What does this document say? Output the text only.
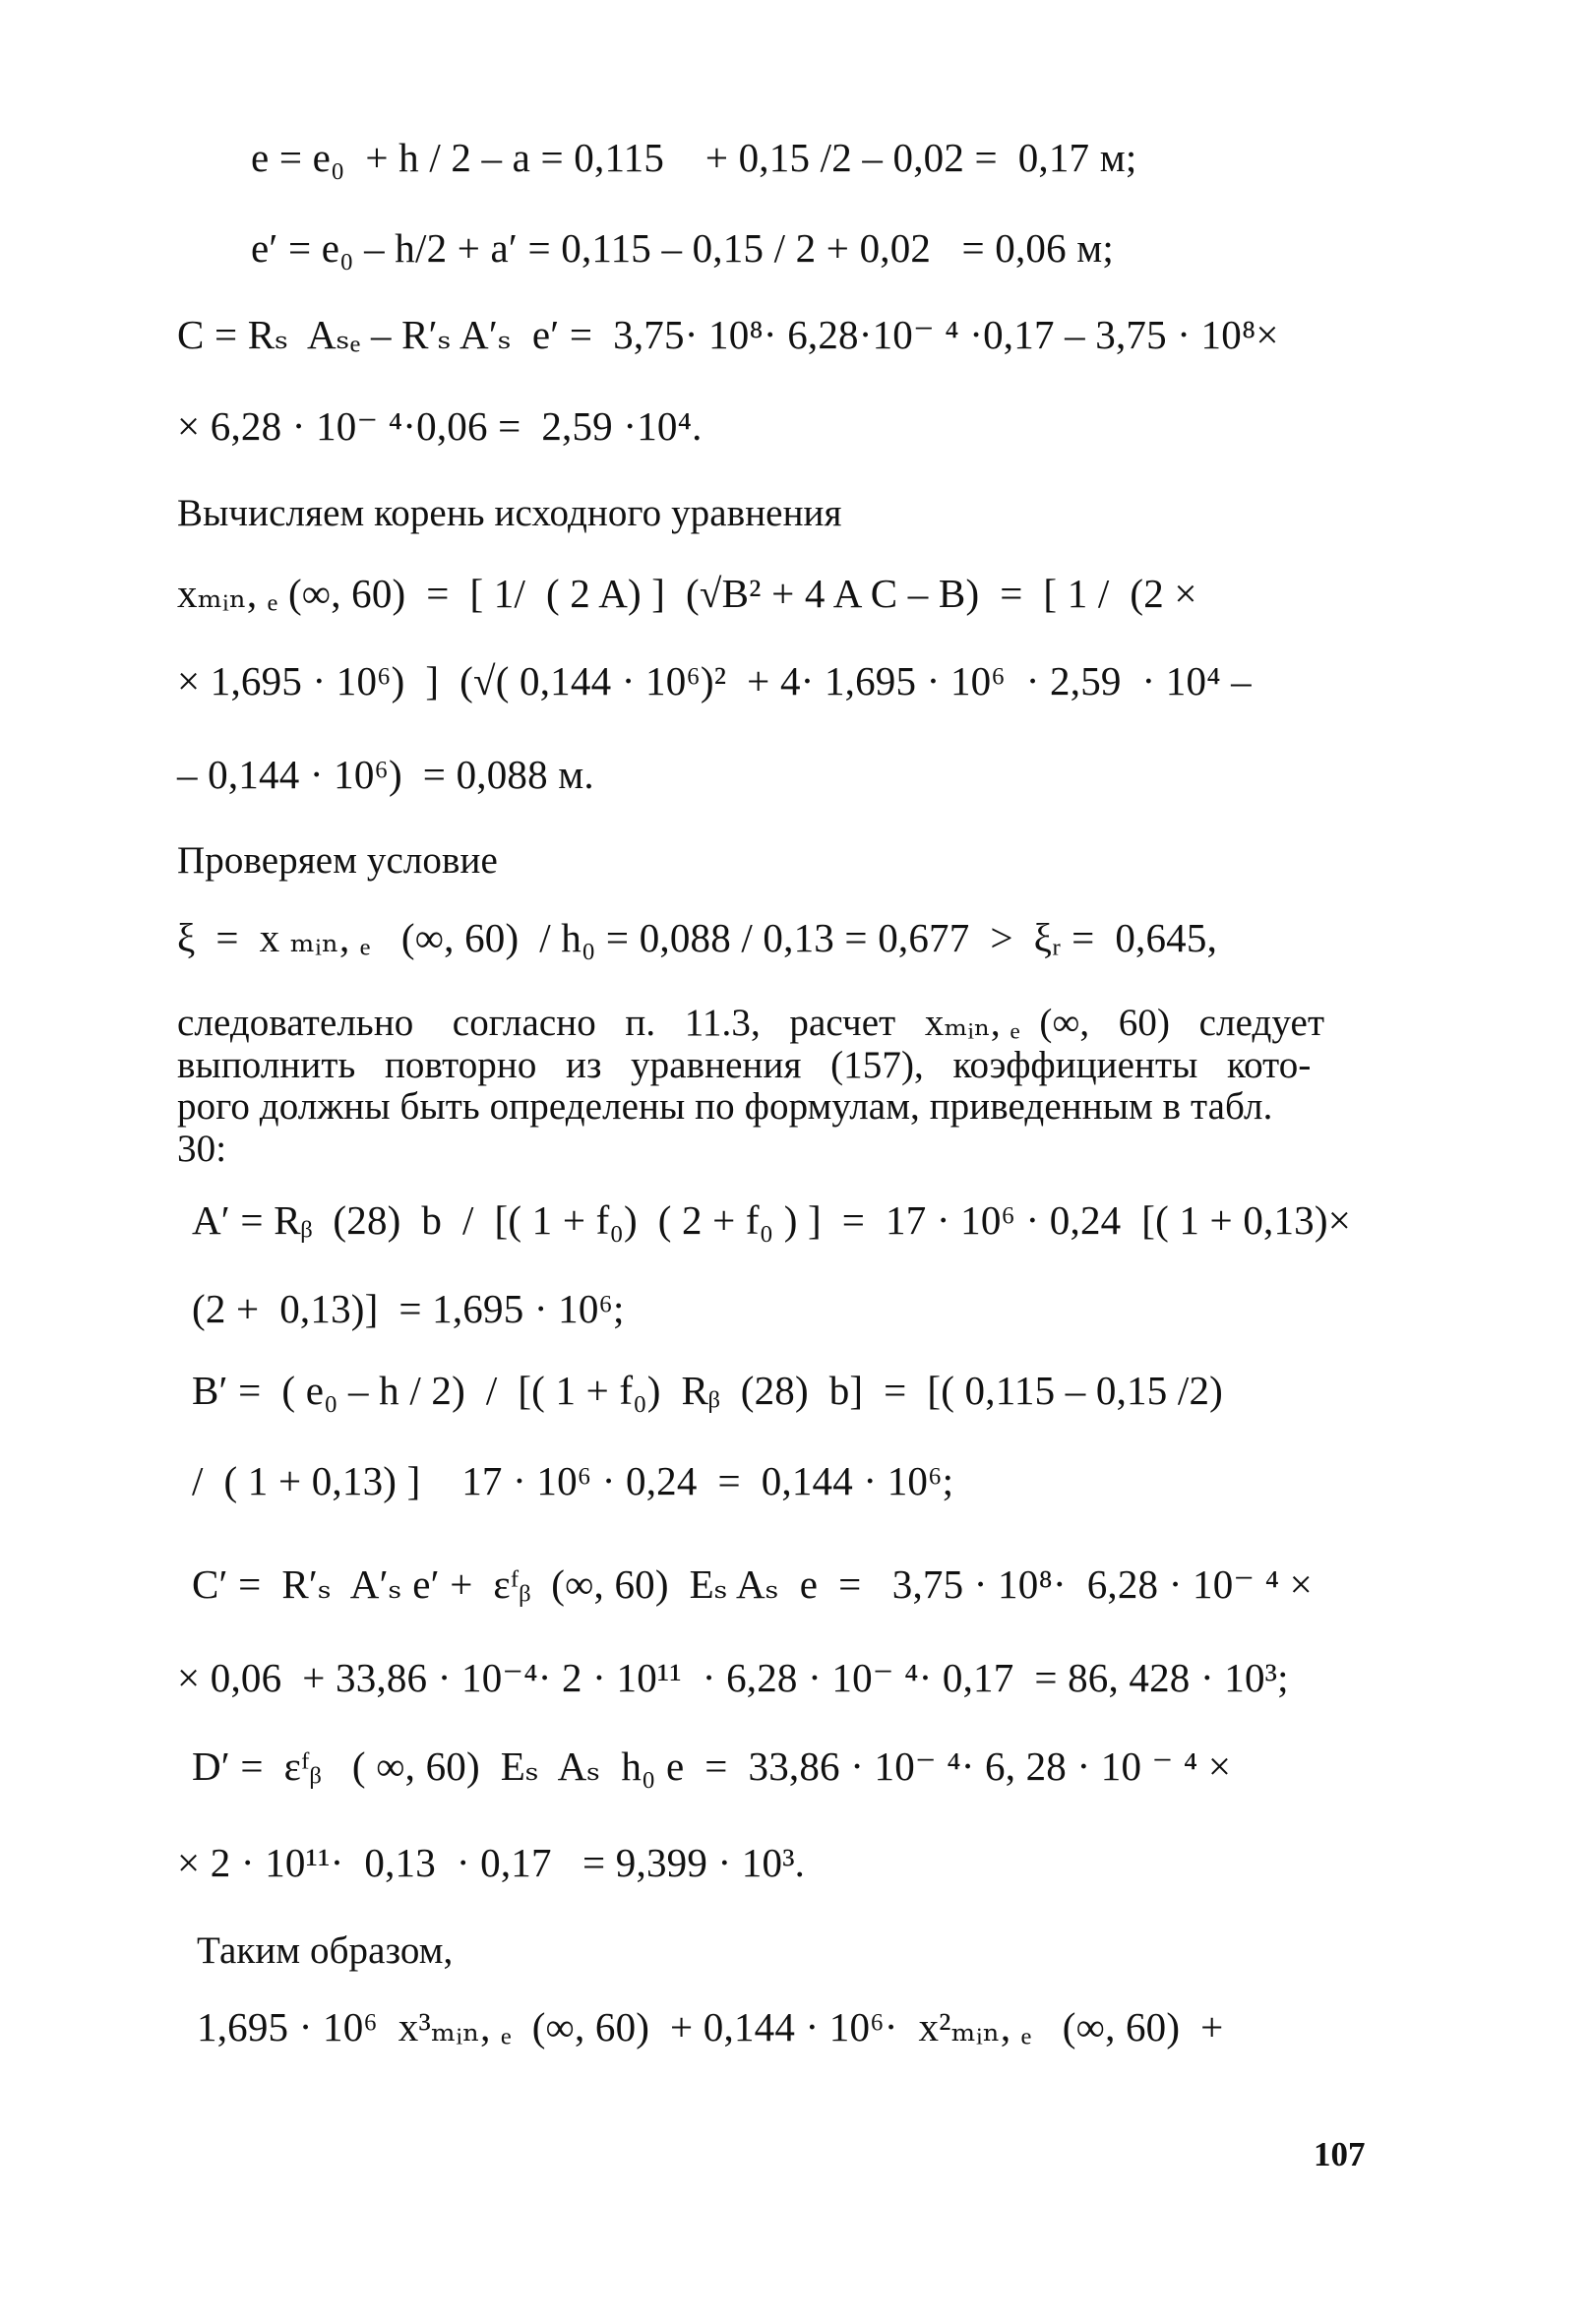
e = e₀  + h / 2 – a = 0,115    + 0,15 /2 – 0,02 =  0,17 м;
e′ = e₀ – h/2 + a′ = 0,115 – 0,15 / 2 + 0,02   = 0,06 м;
C = Rₛ  Aₛₑ – R′ₛ A′ₛ  e′ =  3,75· 10⁸· 6,28·10⁻ ⁴ ·0,17 – 3,75 · 10⁸×
× 6,28 · 10⁻ ⁴·0,06 =  2,59 ·10⁴.
Вычисляем корень исходного уравнения
xₘᵢₙ, ₑ (∞, 60)  =  [ 1/  ( 2 A) ]  (√B² + 4 A C – B)  =  [ 1 /  (2 ×
× 1,695 · 10⁶)  ]  (√( 0,144 · 10⁶)²  + 4· 1,695 · 10⁶  · 2,59  · 10⁴ –
– 0,144 · 10⁶)  = 0,088 м.
Проверяем условие
ξ  =  x ₘᵢₙ, ₑ   (∞, 60)  / h₀ = 0,088 / 0,13 = 0,677  >  ξᵣ =  0,645,
следовательно    согласно   п.   11.3,   расчет   xₘᵢₙ, ₑ  (∞,   60)   следует
выполнить   повторно   из   уравнения   (157),   коэффициенты   кото-
рого должны быть определены по формулам, приведенным в табл.
30:
A′ = Rᵦ  (28)  b  /  [( 1 + f₀)  ( 2 + f₀ ) ]  =  17 · 10⁶ · 0,24  [( 1 + 0,13)×
(2 +  0,13)]  = 1,695 · 10⁶;
B′ =  ( e₀ – h / 2)  /  [( 1 + f₀)  Rᵦ  (28)  b]  =  [( 0,115 – 0,15 /2)
/  ( 1 + 0,13) ]    17 · 10⁶ · 0,24  =  0,144 · 10⁶;
C′ =  R′ₛ  A′ₛ e′ +  εᶠᵦ  (∞, 60)  Eₛ Aₛ  e  =   3,75 · 10⁸·  6,28 · 10⁻ ⁴ ×
× 0,06  + 33,86 · 10⁻⁴· 2 · 10¹¹  · 6,28 · 10⁻ ⁴· 0,17  = 86, 428 · 10³;
D′ =  εᶠᵦ   ( ∞, 60)  Eₛ  Aₛ  h₀ e  =  33,86 · 10⁻ ⁴· 6, 28 · 10 ⁻ ⁴ ×
× 2 · 10¹¹·  0,13  · 0,17   = 9,399 · 10³.
Таким образом,
1,695 · 10⁶  x³ₘᵢₙ, ₑ  (∞, 60)  + 0,144 · 10⁶·  x²ₘᵢₙ, ₑ   (∞, 60)  +
107
